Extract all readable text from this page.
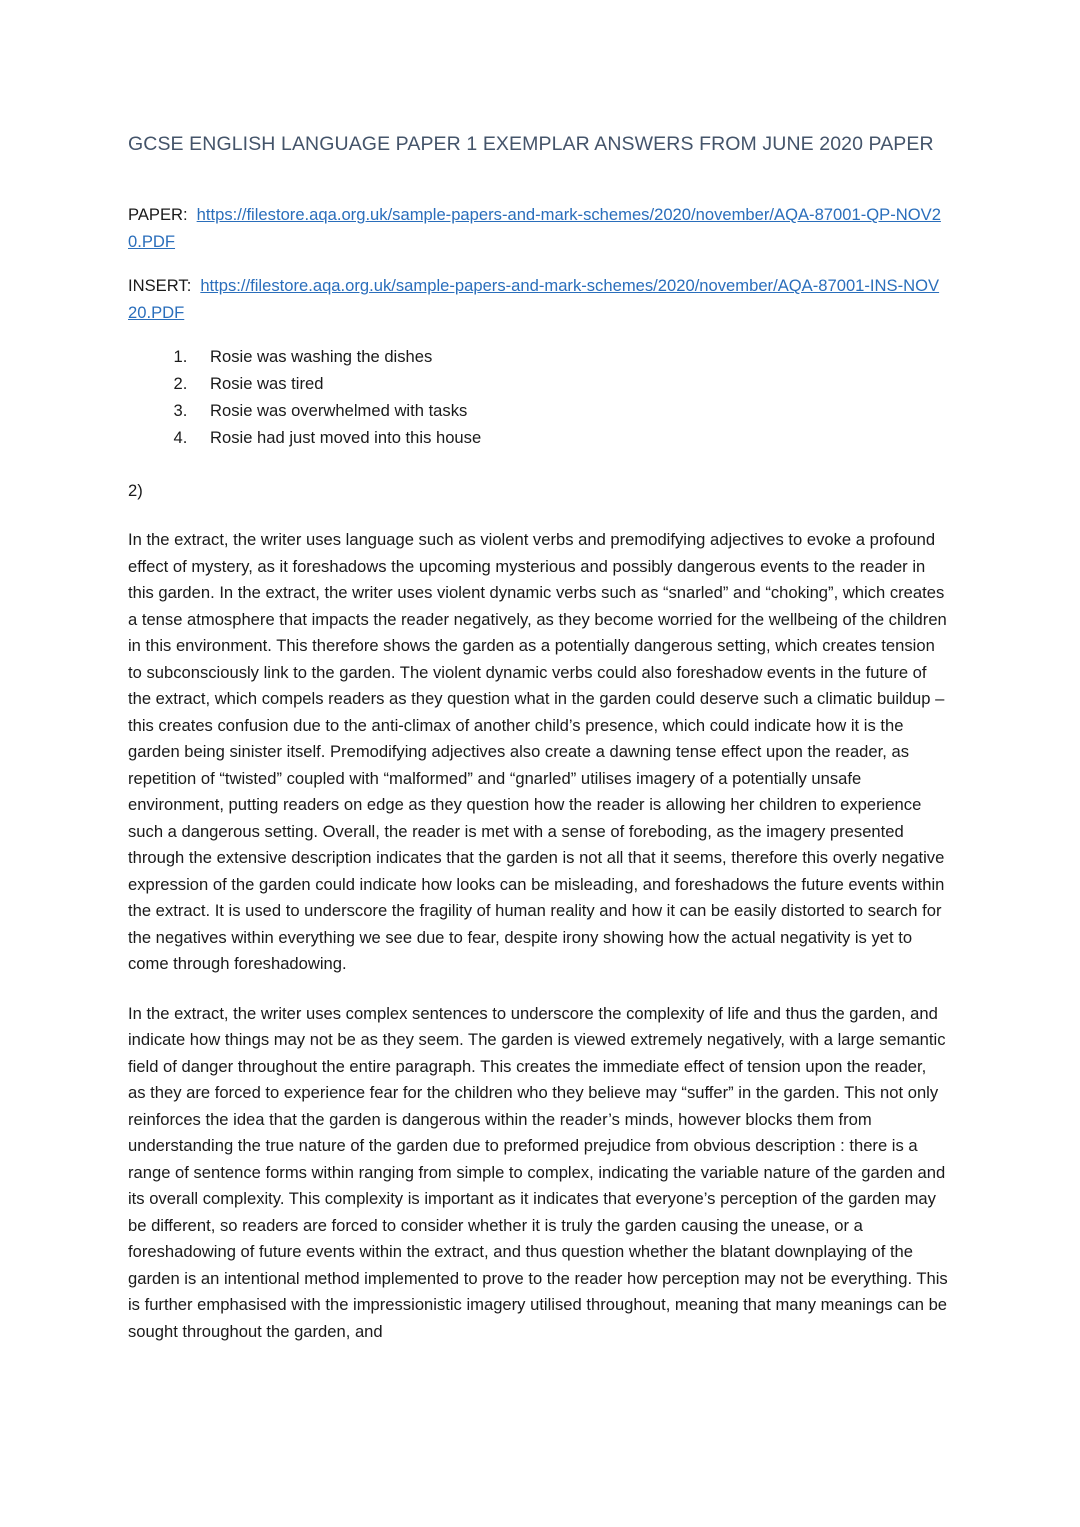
GCSE ENGLISH LANGUAGE PAPER 1 EXEMPLAR ANSWERS FROM JUNE 2020 PAPER

PAPER: https://filestore.aqa.org.uk/sample-papers-and-mark-schemes/2020/november/AQA-87001-QP-NOV20.PDF

INSERT: https://filestore.aqa.org.uk/sample-papers-and-mark-schemes/2020/november/AQA-87001-INS-NOV20.PDF

1. Rosie was washing the dishes
2. Rosie was tired
3. Rosie was overwhelmed with tasks
4. Rosie had just moved into this house

2)

In the extract, the writer uses language such as violent verbs and premodifying adjectives to evoke a profound effect of mystery, as it foreshadows the upcoming mysterious and possibly dangerous events to the reader in this garden. In the extract, the writer uses violent dynamic verbs such as “snarled” and “choking”, which creates a tense atmosphere that impacts the reader negatively, as they become worried for the wellbeing of the children in this environment. This therefore shows the garden as a potentially dangerous setting, which creates tension to subconsciously link to the garden. The violent dynamic verbs could also foreshadow events in the future of the extract, which compels readers as they question what in the garden could deserve such a climatic buildup – this creates confusion due to the anti-climax of another child’s presence, which could indicate how it is the garden being sinister itself. Premodifying adjectives also create a dawning tense effect upon the reader, as repetition of “twisted” coupled with “malformed” and “gnarled” utilises imagery of a potentially unsafe environment, putting readers on edge as they question how the reader is allowing her children to experience such a dangerous setting. Overall, the reader is met with a sense of foreboding, as the imagery presented through the extensive description indicates that the garden is not all that it seems, therefore this overly negative expression of the garden could indicate how looks can be misleading, and foreshadows the future events within the extract. It is used to underscore the fragility of human reality and how it can be easily distorted to search for the negatives within everything we see due to fear, despite irony showing how the actual negativity is yet to come through foreshadowing.

In the extract, the writer uses complex sentences to underscore the complexity of life and thus the garden, and indicate how things may not be as they seem. The garden is viewed extremely negatively, with a large semantic field of danger throughout the entire paragraph. This creates the immediate effect of tension upon the reader, as they are forced to experience fear for the children who they believe may “suffer” in the garden. This not only reinforces the idea that the garden is dangerous within the reader’s minds, however blocks them from understanding the true nature of the garden due to preformed prejudice from obvious description : there is a range of sentence forms within ranging from simple to complex, indicating the variable nature of the garden and its overall complexity. This complexity is important as it indicates that everyone’s perception of the garden may be different, so readers are forced to consider whether it is truly the garden causing the unease, or a foreshadowing of future events within the extract, and thus question whether the blatant downplaying of the garden is an intentional method implemented to prove to the reader how perception may not be everything. This is further emphasised with the impressionistic imagery utilised throughout, meaning that many meanings can be sought throughout the garden, and
